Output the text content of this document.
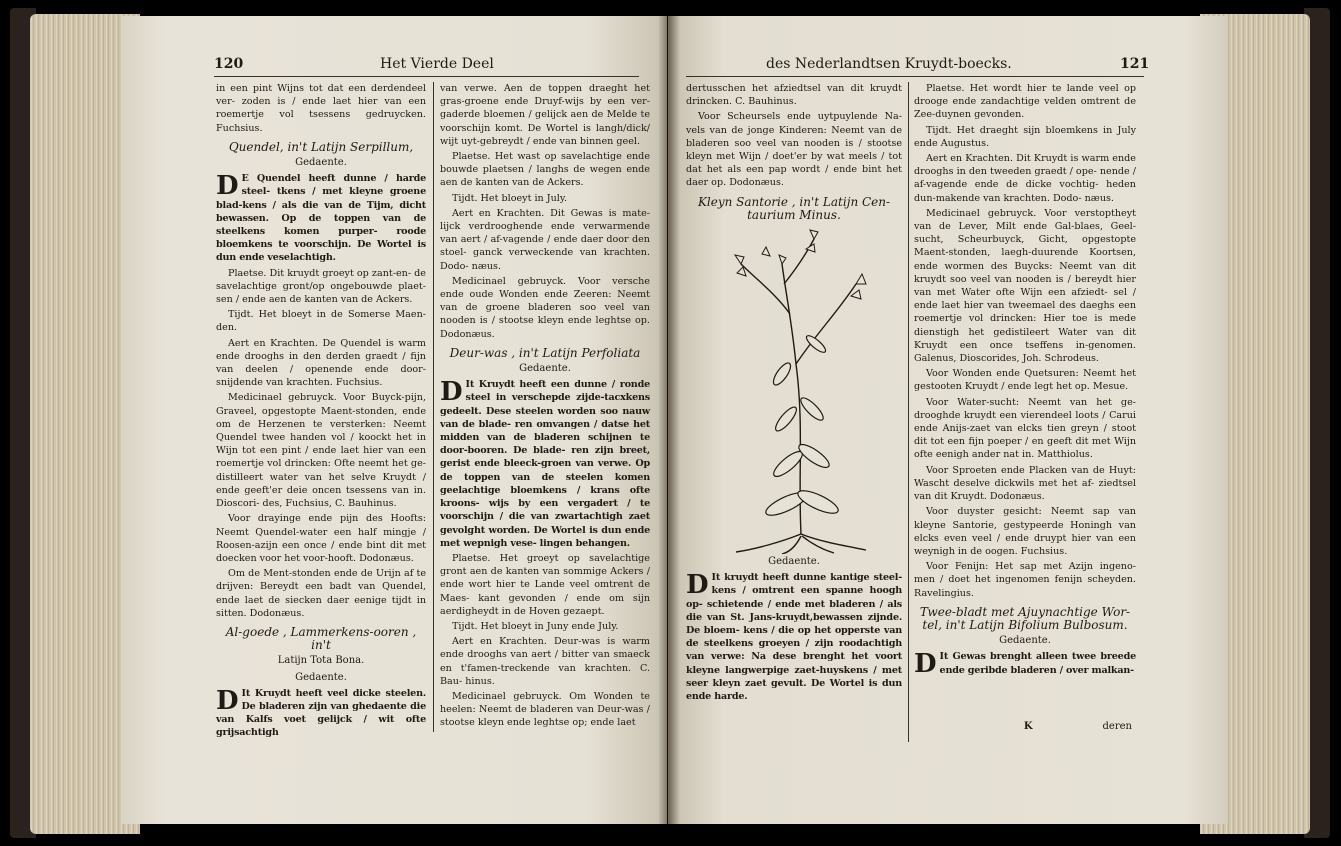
120	Het Vierde Deel

in een pint Wijns tot dat een derdendeel ver- zoden is / ende laet hier van een roemertje vol tsessens gedruycken. Fuchsius.

Quendel, in't Latijn Serpillum,
Gedaente.

D E Quendel heeft dunne / harde steel- tkens / met kleyne groene blad-kens / als die van de Tijm, dicht bewassen. Op de toppen van de steelkens komen purper- roode bloemkens te voorschijn. De Wortel is dun ende veselachtigh.

Plaetse. Dit kruydt groeyt op zant-en- de savelachtige gront/op ongebouwde plaet- sen / ende aen de kanten van de Ackers.

Tijdt. Het bloeyt in de Somerse Maen- den.

Aert en Krachten. De Quendel is warm ende drooghs in den derden graedt / fijn van deelen / openende ende door-snijdende van krachten. Fuchsius.

Medicinael gebruyck. Voor Buyck-pijn, Graveel, opgestopte Maent-stonden, ende om de Herzenen te versterken: Neemt Quendel twee handen vol / koockt het in Wijn tot een pint / ende laet hier van een roemertje vol drincken: Ofte neemt het ge- distilleert water van het selve Kruydt / ende geeft'er deie oncen tsessens van in. Dioscori- des, Fuchsius, C. Bauhinus.

Voor drayinge ende pijn des Hoofts: Neemt Quendel-water een half mingje / Roosen-azijn een once / ende bint dit met doecken voor het voor-hooft. Dodonæus.

Om de Ment-stonden ende de Urijn af te drijven: Bereydt een badt van Quendel, ende laet de siecken daer eenige tijdt in sitten. Dodonæus.

Al-goede , Lammerkens-ooren , in't
Latijn Tota Bona.
Gedaente.

D It Kruydt heeft veel dicke steelen. De bladeren zijn van ghedaente die van Kalfs voet gelijck / wit ofte grijsachtigh

van verwe. Aen de toppen draeght het gras-groene ende Druyf-wijs by een ver- gaderde bloemen / gelijck aen de Melde te voorschijn komt. De Wortel is langh/dick/ wijt uyt-gebreydt / ende van binnen geel.

Plaetse. Het wast op savelachtige ende bouwde plaetsen / langhs de wegen ende aen de kanten van de Ackers.

Tijdt. Het bloeyt in July.

Aert en Krachten. Dit Gewas is mate- lijck verdrooghende ende verwarmende van aert / af-vagende / ende daer door den stoel- ganck verweckende van krachten. Dodo- næus.

Medicinael gebruyck. Voor versche ende oude Wonden ende Zeeren: Neemt van de groene bladeren soo veel van nooden is / stootse kleyn ende leghtse op. Dodonæus.

Deur-was , in't Latijn Perfoliata
Gedaente.

D It Kruydt heeft een dunne / ronde steel in verschepde zijde-tacxkens gedeelt. Dese steelen worden soo nauw van de blade- ren omvangen / datse het midden van de bladeren schijnen te door-booren. De blade- ren zijn breet, gerist ende bleeck-groen van verwe. Op de toppen van de steelen komen geelachtige bloemkens / krans ofte kroons- wijs by een vergadert / te voorschijn / die van zwartachtigh zaet gevolght worden. De Wortel is dun ende met wepnigh vese- lingen behangen.

Plaetse. Het groeyt op savelachtige gront aen de kanten van sommige Ackers / ende wort hier te Lande veel omtrent de Maes- kant gevonden / ende om sijn aerdigheydt in de Hoven gezaept.

Tijdt. Het bloeyt in Juny ende July.

Aert en Krachten. Deur-was is warm ende drooghs van aert / bitter van smaeck en t'famen-treckende van krachten. C. Bau- hinus.

Medicinael gebruyck. Om Wonden te heelen: Neemt de bladeren van Deur-was / stootse kleyn ende leghtse op; ende laet

des Nederlandtsen Kruydt-boecks.	121

dertusschen het afziedtsel van dit kruydt drincken. C. Bauhinus.

Voor Scheursels ende uytpuylende Na- vels van de jonge Kinderen: Neemt van de bladeren soo veel van nooden is / stootse kleyn met Wijn / doet'er by wat meels / tot dat het als een pap wordt / ende bint het daer op. Dodonæus.

Kleyn Santorie , in't Latijn Cen- taurium Minus.
Gedaente.

D It kruydt heeft dunne kantige steel- kens / omtrent een spanne hoogh op- schietende / ende met bladeren / als die van St. Jans-kruydt,bewassen zijnde. De bloem- kens / die op het opperste van de steelkens groeyen / zijn roodachtigh van verwe: Na dese brenght het voort kleyne langwerpige zaet-huyskens / met seer kleyn zaet gevult. De Wortel is dun ende harde.

Plaetse. Het wordt hier te lande veel op drooge ende zandachtige velden omtrent de Zee-duynen gevonden.

Tijdt. Het draeght sijn bloemkens in July ende Augustus.

Aert en Krachten. Dit Kruydt is warm ende drooghs in den tweeden graedt / ope- nende / af-vagende ende de dicke vochtig- heden dun-makende van krachten. Dodo- næus.

Medicinael gebruyck. Voor verstoptheyt van de Lever, Milt ende Gal-blaes, Geel- sucht, Scheurbuyck, Gicht, opgestopte Maent-stonden, laegh-duurende Koortsen, ende wormen des Buycks: Neemt van dit kruydt soo veel van nooden is / bereydt hier van met Water ofte Wijn een afziedt- sel / ende laet hier van tweemael des daeghs een roemertje vol drincken: Hier toe is mede dienstigh het gedistileert Water van dit Kruydt een once tseffens in-genomen. Galenus, Dioscorides, Joh. Schrodeus.

Voor Wonden ende Quetsuren: Neemt het gestooten Kruydt / ende legt het op. Mesue.

Voor Water-sucht: Neemt van het ge- drooghde kruydt een vierendeel loots / Carui ende Anijs-zaet van elcks tien greyn / stoot dit tot een fijn poeper / en geeft dit met Wijn ofte eenigh ander nat in. Matthiolus.

Voor Sproeten ende Placken van de Huyt: Wascht deselve dickwils met het af- ziedtsel van dit Kruydt. Dodonæus.

Voor duyster gesicht: Neemt sap van kleyne Santorie, gestypeerde Honingh van elcks even veel / ende druypt hier van een weynigh in de oogen. Fuchsius.

Voor Fenijn: Het sap met Azijn ingeno- men / doet het ingenomen fenijn scheyden. Ravelingius.

Twee-bladt met Ajuynachtige Wor- tel, in't Latijn Bifolium Bulbosum.
Gedaente.

D It Gewas brenght alleen twee breede ende geribde bladeren / over malkan-

K	deren
